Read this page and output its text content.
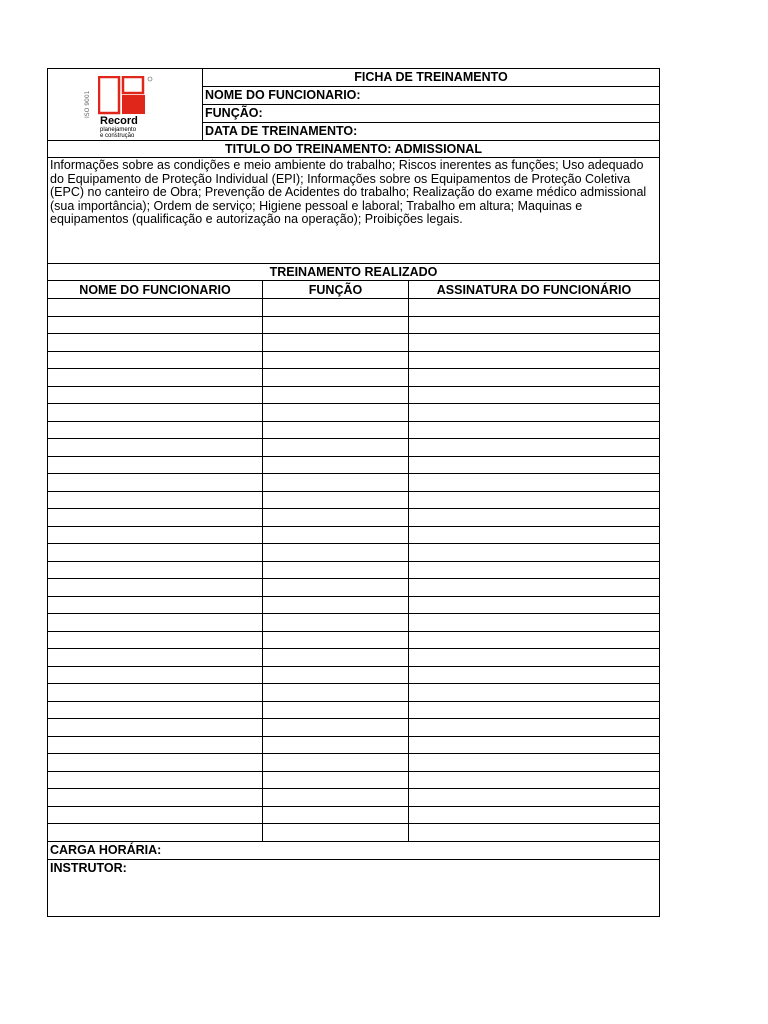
ISO 9001
Record
planejamento
e construção
FICHA DE TREINAMENTO
NOME DO FUNCIONARIO:
FUNÇÃO:
DATA DE TREINAMENTO:
TITULO DO TREINAMENTO: ADMISSIONAL
Informações sobre as condições e meio ambiente do trabalho; Riscos inerentes as funções; Uso adequado do Equipamento de Proteção Individual (EPI); Informações sobre os Equipamentos de Proteção Coletiva (EPC) no canteiro de Obra; Prevenção de Acidentes do trabalho; Realização do exame médico admissional (sua importância); Ordem de serviço; Higiene pessoal e laboral; Trabalho em altura; Maquinas e equipamentos (qualificação e autorização na operação); Proibições legais.
TREINAMENTO REALIZADO
NOME DO FUNCIONARIO	FUNÇÃO	ASSINATURA DO FUNCIONÁRIO
CARGA HORÁRIA:
INSTRUTOR:
